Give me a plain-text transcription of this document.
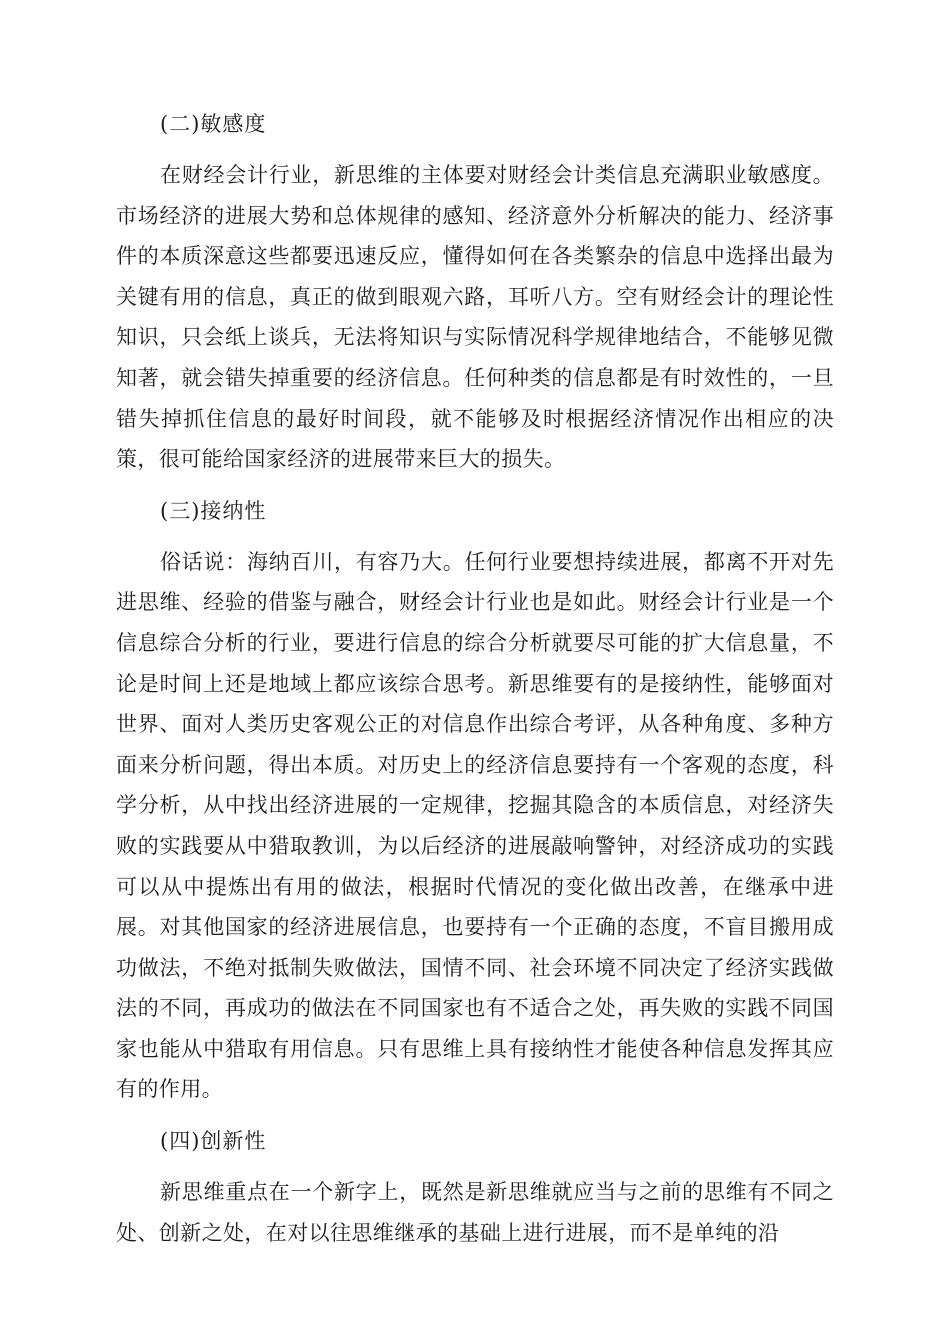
(二)敏感度

在财经会计行业，新思维的主体要对财经会计类信息充满职业敏感度。市场经济的进展大势和总体规律的感知、经济意外分析解决的能力、经济事件的本质深意这些都要迅速反应，懂得如何在各类繁杂的信息中选择出最为关键有用的信息，真正的做到眼观六路，耳听八方。空有财经会计的理论性知识，只会纸上谈兵，无法将知识与实际情况科学规律地结合，不能够见微知著，就会错失掉重要的经济信息。任何种类的信息都是有时效性的，一旦错失掉抓住信息的最好时间段，就不能够及时根据经济情况作出相应的决策，很可能给国家经济的进展带来巨大的损失。

(三)接纳性

俗话说：海纳百川，有容乃大。任何行业要想持续进展，都离不开对先进思维、经验的借鉴与融合，财经会计行业也是如此。财经会计行业是一个信息综合分析的行业，要进行信息的综合分析就要尽可能的扩大信息量，不论是时间上还是地域上都应该综合思考。新思维要有的是接纳性，能够面对世界、面对人类历史客观公正的对信息作出综合考评，从各种角度、多种方面来分析问题，得出本质。对历史上的经济信息要持有一个客观的态度，科学分析，从中找出经济进展的一定规律，挖掘其隐含的本质信息，对经济失败的实践要从中猎取教训，为以后经济的进展敲响警钟，对经济成功的实践可以从中提炼出有用的做法，根据时代情况的变化做出改善，在继承中进展。对其他国家的经济进展信息，也要持有一个正确的态度，不盲目搬用成功做法，不绝对抵制失败做法，国情不同、社会环境不同决定了经济实践做法的不同，再成功的做法在不同国家也有不适合之处，再失败的实践不同国家也能从中猎取有用信息。只有思维上具有接纳性才能使各种信息发挥其应有的作用。

(四)创新性

新思维重点在一个新字上，既然是新思维就应当与之前的思维有不同之处、创新之处，在对以往思维继承的基础上进行进展，而不是单纯的沿
